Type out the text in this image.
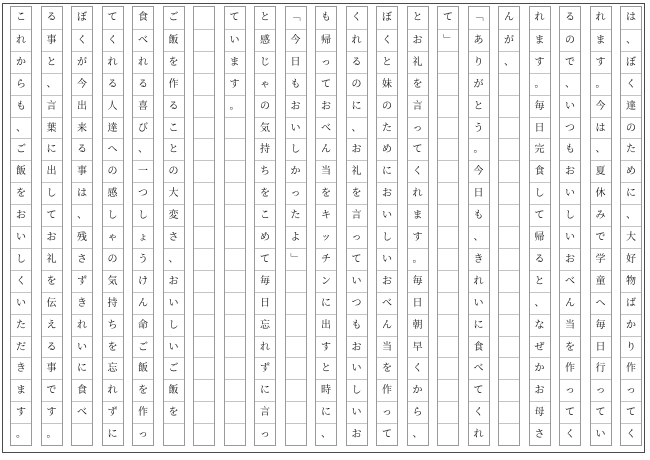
は
、
ぼ
く
達
の
た
め
に
、
大
好
物
ば
か
り
作
っ
て
く
れ
ま
す
。
今
は
、
夏
休
み
で
学
童
へ
毎
日
行
っ
て
い
る
の
で
、
い
つ
も
お
い
し
い
お
べ
ん
当
を
作
っ
て
く
れ
ま
す
。
毎
日
完
食
し
て
帰
る
と
、
な
ぜ
か
お
母
さ
ん
が
、
﹁
あ
り
が
と
う
。
今
日
も
、
き
れ
い
に
食
べ
て
く
れ
て
﹂
と
お
礼
を
言
っ
て
く
れ
ま
す
。
毎
日
朝
早
く
か
ら
、
ぼ
く
と
妹
の
た
め
に
お
い
し
い
お
べ
ん
当
を
作
っ
て
く
れ
る
の
に
、
お
礼
を
言
っ
て
い
つ
も
お
い
し
い
お
も
帰
っ
て
お
べ
ん
当
を
キ
ッ
チ
ン
に
出
す
と
時
に
、
﹁
今
日
も
お
い
し
か
っ
た
よ
﹂
と
感
じ
ゃ
の
気
持
ち
を
こ
め
て
毎
日
忘
れ
ず
に
言
っ
て
い
ま
す
。
ご
飯
を
作
る
こ
と
の
大
変
さ
、
お
い
し
い
ご
飯
を
食
べ
れ
る
喜
び
、
一
つ
し
ょ
う
け
ん
命
ご
飯
を
作
っ
て
く
れ
る
人
達
へ
の
感
し
ゃ
の
気
持
ち
を
忘
れ
ず
に
ぼ
く
が
今
出
来
る
事
は
、
残
さ
ず
き
れ
い
に
食
べ
る
事
と
、
言
葉
に
出
し
て
お
礼
を
伝
え
る
事
で
す
。
こ
れ
か
ら
も
、
ご
飯
を
お
い
し
く
い
た
だ
き
ま
す
。
